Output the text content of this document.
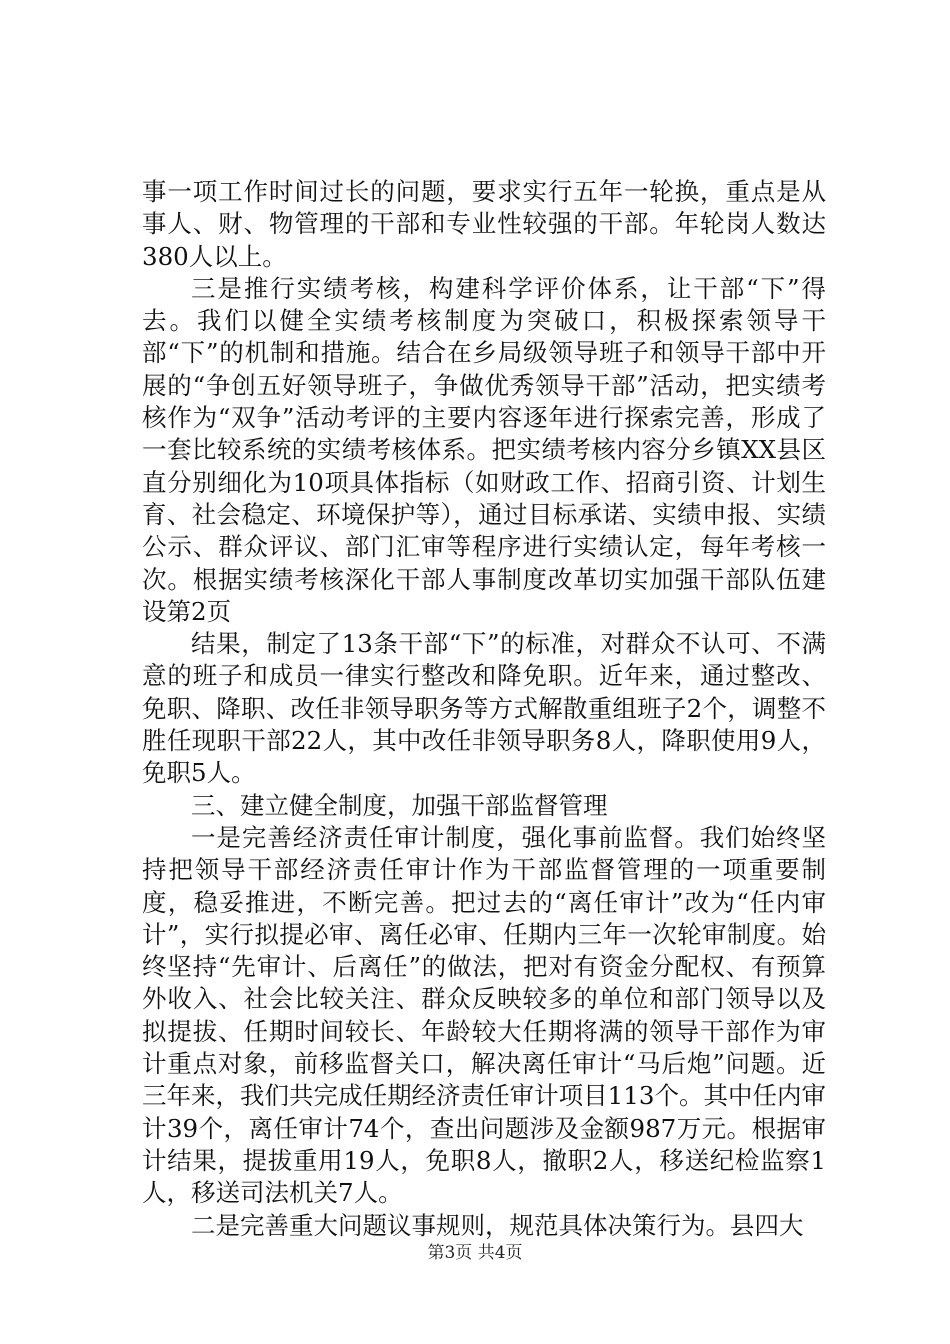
事一项工作时间过长的问题，要求实行五年一轮换，重点是从事人、财、物管理的干部和专业性较强的干部。年轮岗人数达380人以上。

三是推行实绩考核，构建科学评价体系，让干部“下”得去。我们以健全实绩考核制度为突破口，积极探索领导干部“下”的机制和措施。结合在乡局级领导班子和领导干部中开展的“争创五好领导班子，争做优秀领导干部”活动，把实绩考核作为“双争”活动考评的主要内容逐年进行探索完善，形成了一套比较系统的实绩考核体系。把实绩考核内容分乡镇XX县区直分别细化为10项具体指标（如财政工作、招商引资、计划生育、社会稳定、环境保护等），通过目标承诺、实绩申报、实绩公示、群众评议、部门汇审等程序进行实绩认定，每年考核一次。根据实绩考核深化干部人事制度改革切实加强干部队伍建设第2页

结果，制定了13条干部“下”的标准，对群众不认可、不满意的班子和成员一律实行整改和降免职。近年来，通过整改、免职、降职、改任非领导职务等方式解散重组班子2个，调整不胜任现职干部22人，其中改任非领导职务8人，降职使用9人，免职5人。

三、建立健全制度，加强干部监督管理

一是完善经济责任审计制度，强化事前监督。我们始终坚持把领导干部经济责任审计作为干部监督管理的一项重要制度，稳妥推进，不断完善。把过去的“离任审计”改为“任内审计”，实行拟提必审、离任必审、任期内三年一次轮审制度。始终坚持“先审计、后离任”的做法，把对有资金分配权、有预算外收入、社会比较关注、群众反映较多的单位和部门领导以及拟提拔、任期时间较长、年龄较大任期将满的领导干部作为审计重点对象，前移监督关口，解决离任审计“马后炮”问题。近三年来，我们共完成任期经济责任审计项目113个。其中任内审计39个，离任审计74个，查出问题涉及金额987万元。根据审计结果，提拔重用19人，免职8人，撤职2人，移送纪检监察1人，移送司法机关7人。

二是完善重大问题议事规则，规范具体决策行为。县四大

第3页 共4页
